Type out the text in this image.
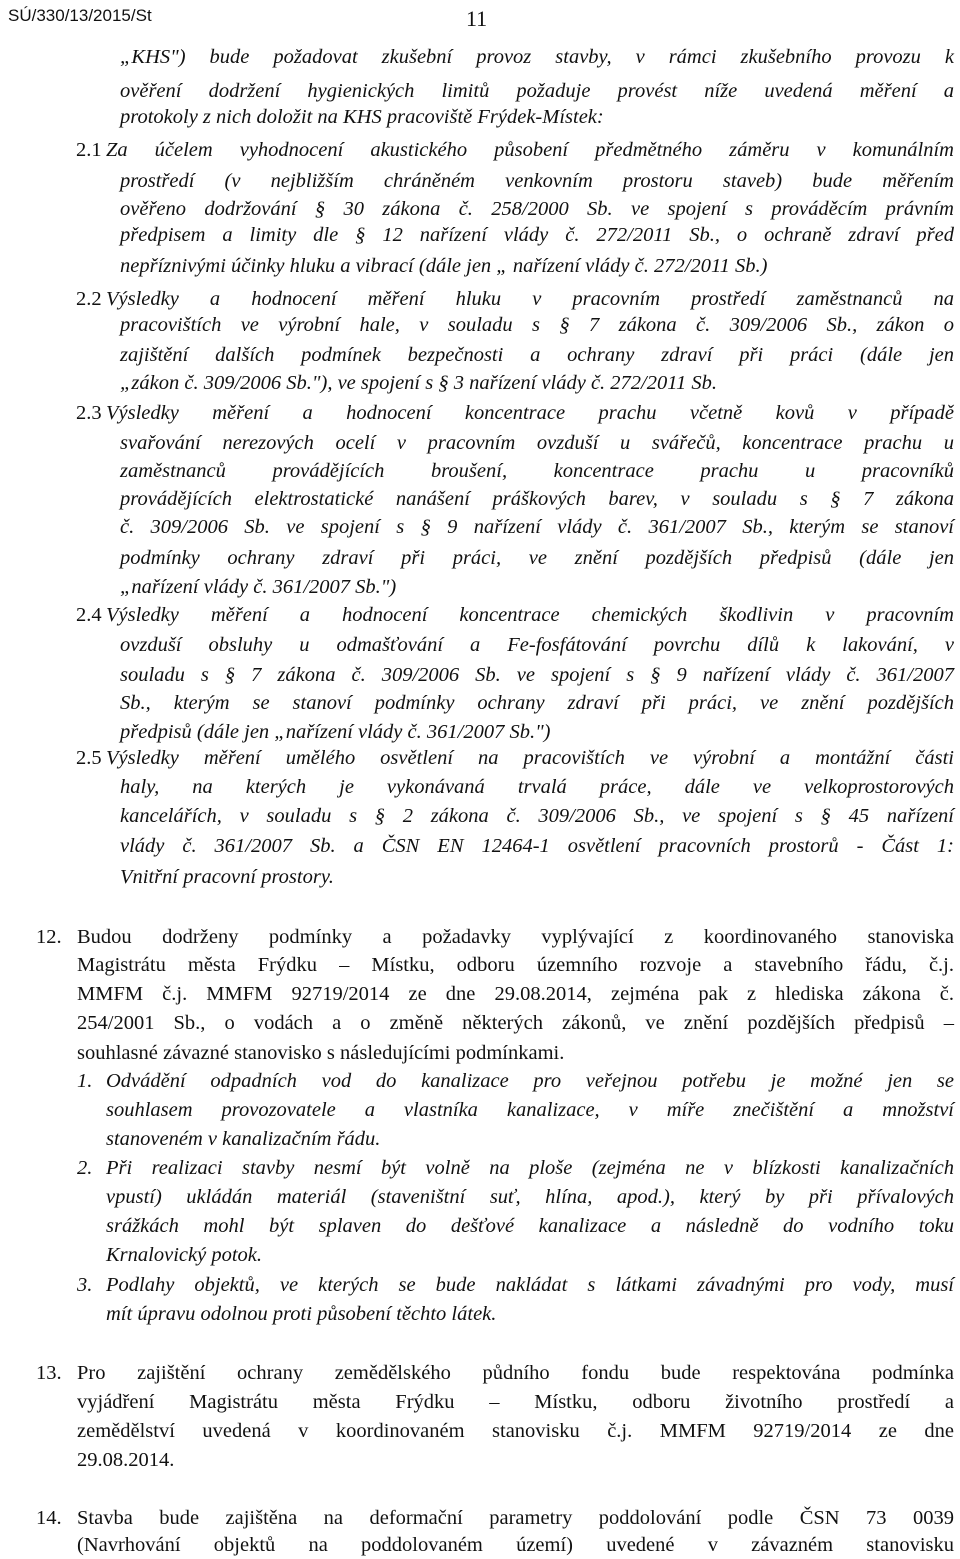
SÚ/330/13/2015/St	11
„KHS") bude požadovat zkušební provoz stavby, v rámci zkušebního provozu k
ověření dodržení hygienických limitů požaduje provést níže uvedená měření a
protokoly z nich doložit na KHS pracoviště Frýdek-Místek:
2.1 Za účelem vyhodnocení akustického působení předmětného záměru v komunálním
prostředí (v nejbližším chráněném venkovním prostoru staveb) bude měřením
ověřeno dodržování § 30 zákona č. 258/2000 Sb. ve spojení s prováděcím právním
předpisem a limity dle § 12 nařízení vlády č. 272/2011 Sb., o ochraně zdraví před
nepříznivými účinky hluku a vibrací (dále jen „ nařízení vlády č. 272/2011 Sb.)
2.2 Výsledky a hodnocení měření hluku v pracovním prostředí zaměstnanců na
pracovištích ve výrobní hale, v souladu s § 7 zákona č. 309/2006 Sb., zákon o
zajištění dalších podmínek bezpečnosti a ochrany zdraví při práci (dále jen
„zákon č. 309/2006 Sb."), ve spojení s § 3 nařízení vlády č. 272/2011 Sb.
2.3 Výsledky měření a hodnocení koncentrace prachu včetně kovů v případě
svařování nerezových ocelí v pracovním ovzduší u svářečů, koncentrace prachu u
zaměstnanců provádějících broušení, koncentrace prachu u pracovníků
provádějících elektrostatické nanášení práškových barev, v souladu s § 7 zákona
č. 309/2006 Sb. ve spojení s § 9 nařízení vlády č. 361/2007 Sb., kterým se stanoví
podmínky ochrany zdraví při práci, ve znění pozdějších předpisů (dále jen
„nařízení vlády č. 361/2007 Sb.")
2.4 Výsledky měření a hodnocení koncentrace chemických škodlivin v pracovním
ovzduší obsluhy u odmašťování a Fe-fosfátování povrchu dílů k lakování, v
souladu s § 7 zákona č. 309/2006 Sb. ve spojení s § 9 nařízení vlády č. 361/2007
Sb., kterým se stanoví podmínky ochrany zdraví při práci, ve znění pozdějších
předpisů (dále jen „nařízení vlády č. 361/2007 Sb.")
2.5 Výsledky měření umělého osvětlení na pracovištích ve výrobní a montážní části
haly, na kterých je vykonávaná trvalá práce, dále ve velkoprostorových
kancelářích, v souladu s § 2 zákona č. 309/2006 Sb., ve spojení s § 45 nařízení
vlády č. 361/2007 Sb. a ČSN EN 12464-1 osvětlení pracovních prostorů - Část 1:
Vnitřní pracovní prostory.
12. Budou dodrženy podmínky a požadavky vyplývající z koordinovaného stanoviska
Magistrátu města Frýdku – Místku, odboru územního rozvoje a stavebního řádu, č.j.
MMFM č.j. MMFM 92719/2014 ze dne 29.08.2014, zejména pak z hlediska zákona č.
254/2001 Sb., o vodách a o změně některých zákonů, ve znění pozdějších předpisů –
souhlasné závazné stanovisko s následujícími podmínkami.
1. Odvádění odpadních vod do kanalizace pro veřejnou potřebu je možné jen se
souhlasem provozovatele a vlastníka kanalizace, v míře znečištění a množství
stanoveném v kanalizačním řádu.
2. Při realizaci stavby nesmí být volně na ploše (zejména ne v blízkosti kanalizačních
vpustí) ukládán materiál (staveništní suť, hlína, apod.), který by při přívalových
srážkách mohl být splaven do dešťové kanalizace a následně do vodního toku
Krnalovický potok.
3. Podlahy objektů, ve kterých se bude nakládat s látkami závadnými pro vody, musí
mít úpravu odolnou proti působení těchto látek.
13. Pro zajištění ochrany zemědělského půdního fondu bude respektována podmínka
vyjádření Magistrátu města Frýdku – Místku, odboru životního prostředí a
zemědělství uvedená v koordinovaném stanovisku č.j. MMFM 92719/2014 ze dne
29.08.2014.
14. Stavba bude zajištěna na deformační parametry poddolování podle ČSN 73 0039
(Navrhování objektů na poddolovaném území) uvedené v závazném stanovisku
